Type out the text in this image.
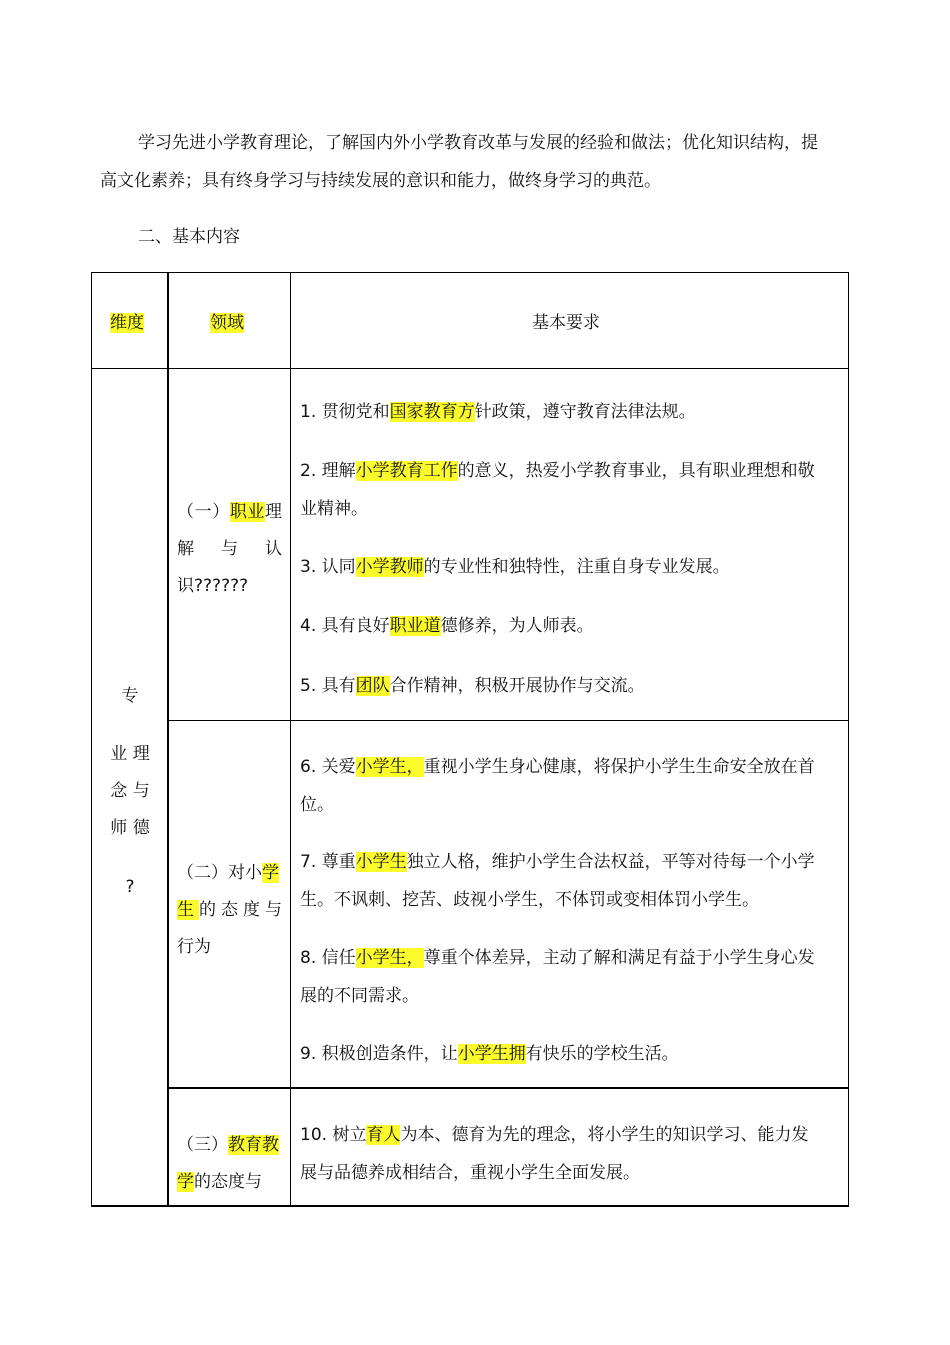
学习先进小学教育理论，了解国内外小学教育改革与发展的经验和做法；优化知识结构，提高文化素养；具有终身学习与持续发展的意识和能力，做终身学习的典范。

二、基本内容

维度	领域	基本要求
专
业 理
念 与
师 德
?
（一）职业理
解 与 认
识??????
（二）对小学
生的态度与
行为
（三）教育教
学的态度与
1. 贯彻党和国家教育方针政策，遵守教育法律法规。
2. 理解小学教育工作的意义，热爱小学教育事业，具有职业理想和敬业精神。
3. 认同小学教师的专业性和独特性，注重自身专业发展。
4. 具有良好职业道德修养，为人师表。
5. 具有团队合作精神，积极开展协作与交流。
6. 关爱小学生，重视小学生身心健康，将保护小学生生命安全放在首位。
7. 尊重小学生独立人格，维护小学生合法权益，平等对待每一个小学生。不讽刺、挖苦、歧视小学生，不体罚或变相体罚小学生。
8. 信任小学生，尊重个体差异，主动了解和满足有益于小学生身心发展的不同需求。
9. 积极创造条件，让小学生拥有快乐的学校生活。
10. 树立育人为本、德育为先的理念，将小学生的知识学习、能力发展与品德养成相结合，重视小学生全面发展。
